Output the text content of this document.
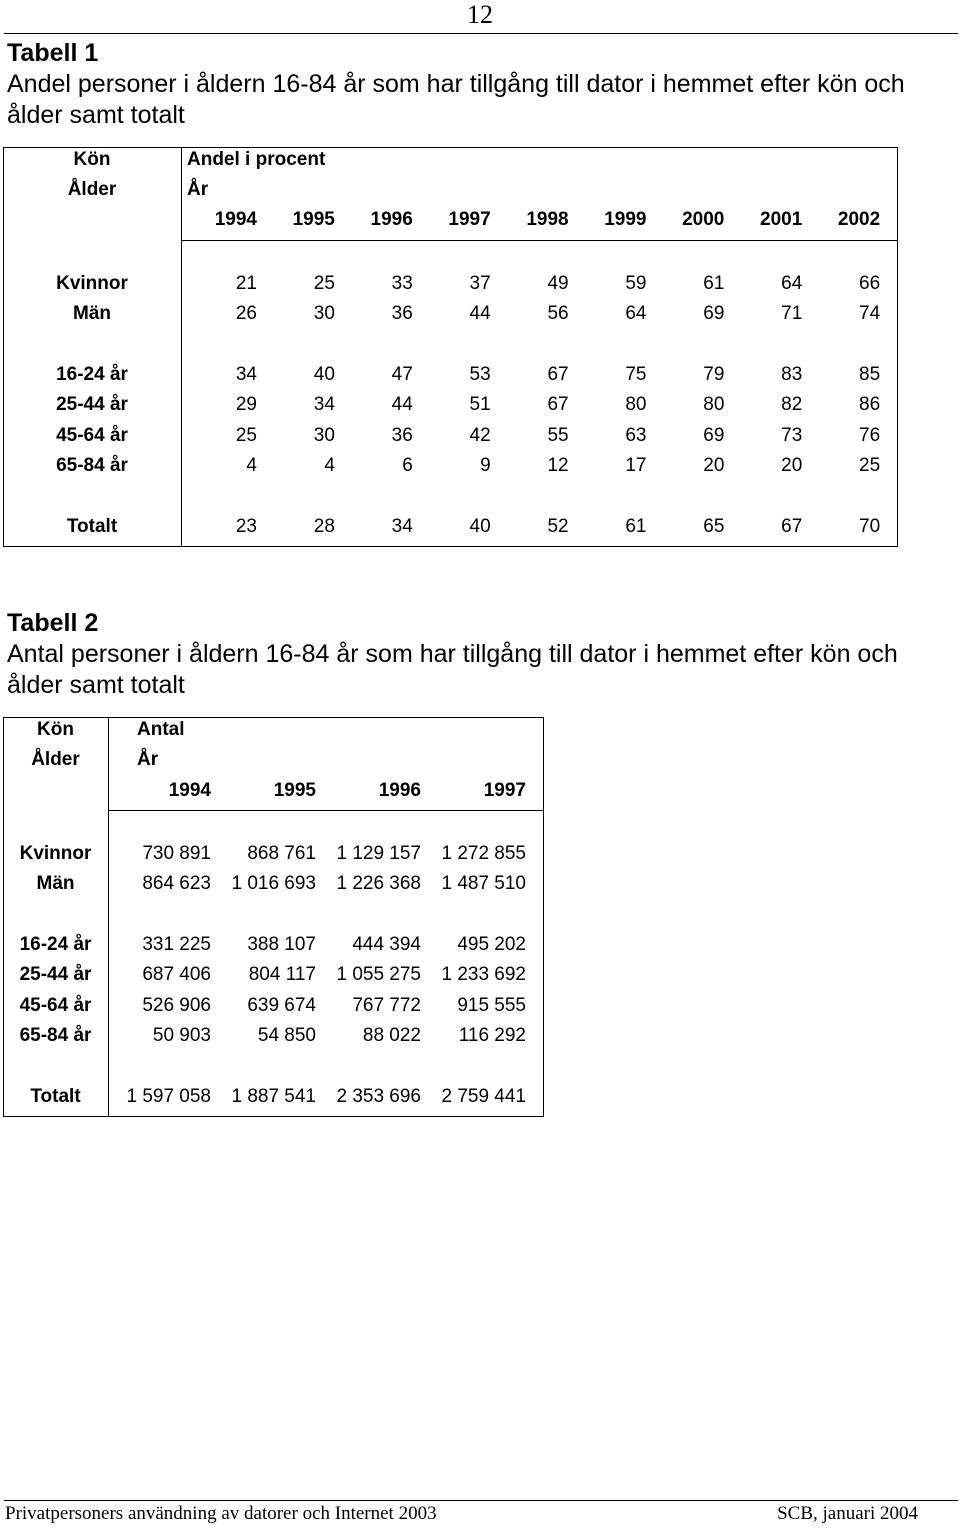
12
Tabell 1
Andel personer i åldern 16-84 år som har tillgång till dator i hemmet efter kön och ålder samt totalt
Kön
Ålder
Andel i procent
År
1994	1995	1996	1997	1998	1999	2000	2001	2002
Kvinnor	21	25	33	37	49	59	61	64	66
Män	26	30	36	44	56	64	69	71	74
16-24 år	34	40	47	53	67	75	79	83	85
25-44 år	29	34	44	51	67	80	80	82	86
45-64 år	25	30	36	42	55	63	69	73	76
65-84 år	4	4	6	9	12	17	20	20	25
Totalt	23	28	34	40	52	61	65	67	70
Tabell 2
Antal personer i åldern 16-84 år som har tillgång till dator i hemmet efter kön och ålder samt totalt
Kön
Ålder
Antal
År
1994	1995	1996	1997
Kvinnor	730 891	868 761	1 129 157	1 272 855
Män	864 623	1 016 693	1 226 368	1 487 510
16-24 år	331 225	388 107	444 394	495 202
25-44 år	687 406	804 117	1 055 275	1 233 692
45-64 år	526 906	639 674	767 772	915 555
65-84 år	50 903	54 850	88 022	116 292
Totalt	1 597 058	1 887 541	2 353 696	2 759 441
Privatpersoners användning av datorer och Internet 2003	SCB, januari 2004
